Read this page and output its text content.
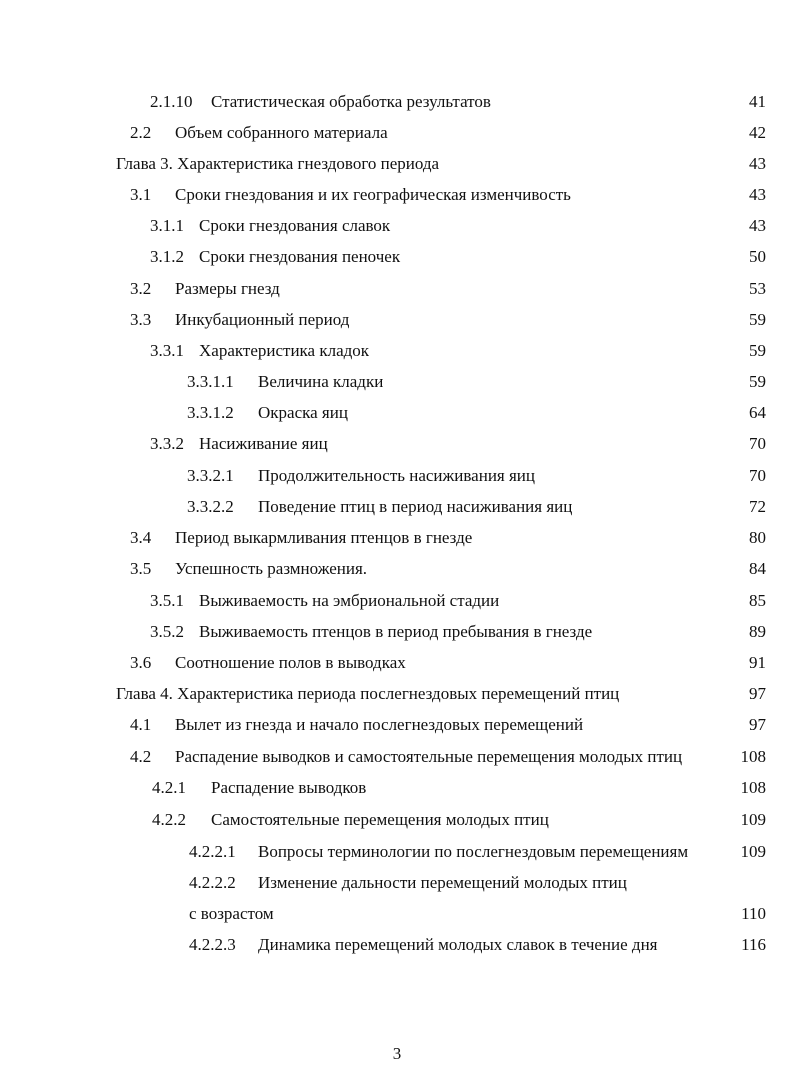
2.1.10 Статистическая обработка результатов	41
2.2 Объем собранного материала	42
Глава 3. Характеристика гнездового периода	43
3.1 Сроки гнездования и их географическая изменчивость	43
3.1.1 Сроки гнездования славок	43
3.1.2 Сроки гнездования пеночек	50
3.2 Размеры гнезд	53
3.3 Инкубационный период	59
3.3.1 Характеристика кладок	59
3.3.1.1 Величина кладки	59
3.3.1.2 Окраска яиц	64
3.3.2 Насиживание яиц	70
3.3.2.1 Продолжительность насиживания яиц	70
3.3.2.2 Поведение птиц в период насиживания яиц	72
3.4 Период выкармливания птенцов в гнезде	80
3.5 Успешность размножения.	84
3.5.1 Выживаемость на эмбриональной стадии	85
3.5.2 Выживаемость птенцов в период пребывания в гнезде	89
3.6 Соотношение полов в выводках	91
Глава 4. Характеристика периода послегнездовых перемещений птиц	97
4.1 Вылет из гнезда и начало послегнездовых перемещений	97
4.2 Распадение выводков и самостоятельные перемещения молодых птиц	108
4.2.1 Распадение выводков	108
4.2.2 Самостоятельные перемещения молодых птиц	109
4.2.2.1 Вопросы терминологии по послегнездовым перемещениям	109
4.2.2.2 Изменение дальности перемещений молодых птиц
с возрастом	110
4.2.2.3 Динамика перемещений молодых славок в течение дня	116
3
